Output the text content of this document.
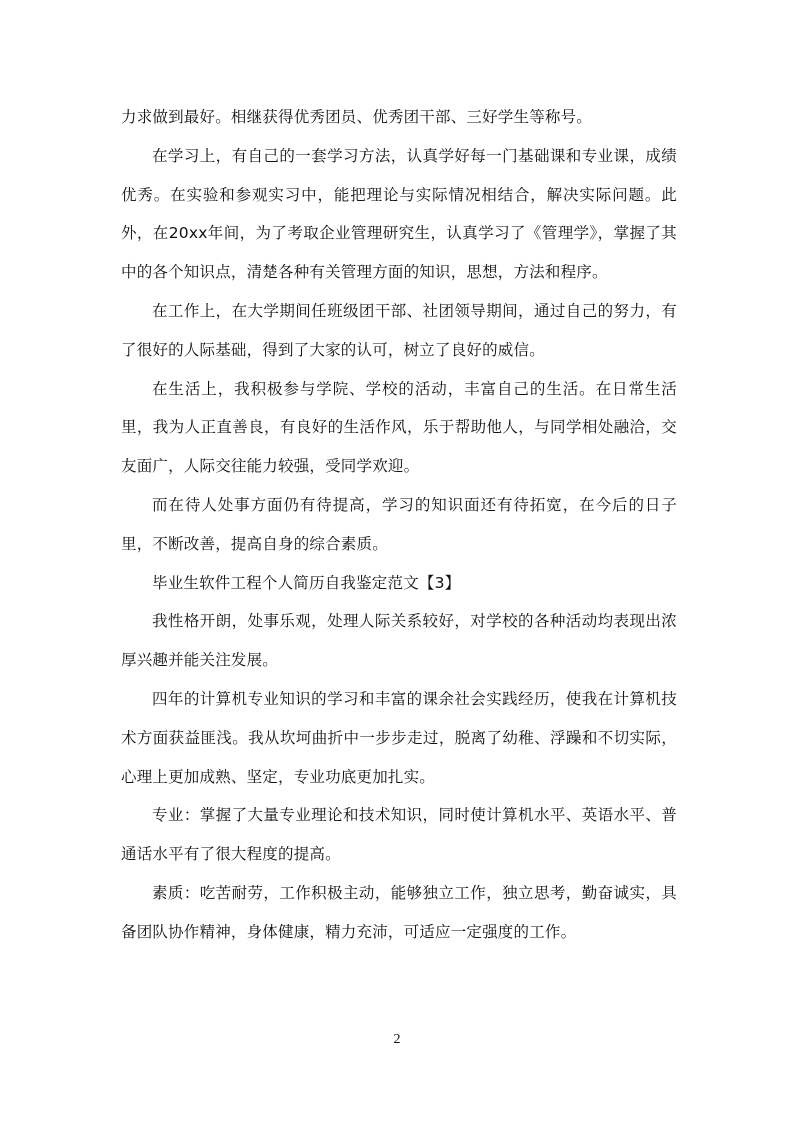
力求做到最好。相继获得优秀团员、优秀团干部、三好学生等称号。

在学习上，有自己的一套学习方法，认真学好每一门基础课和专业课，成绩优秀。在实验和参观实习中，能把理论与实际情况相结合，解决实际问题。此外，在20xx年间，为了考取企业管理研究生，认真学习了《管理学》，掌握了其中的各个知识点，清楚各种有关管理方面的知识，思想，方法和程序。

在工作上，在大学期间任班级团干部、社团领导期间，通过自己的努力，有了很好的人际基础，得到了大家的认可，树立了良好的威信。

在生活上，我积极参与学院、学校的活动，丰富自己的生活。在日常生活里，我为人正直善良，有良好的生活作风，乐于帮助他人，与同学相处融洽，交友面广，人际交往能力较强，受同学欢迎。

而在待人处事方面仍有待提高，学习的知识面还有待拓宽，在今后的日子里，不断改善，提高自身的综合素质。

毕业生软件工程个人简历自我鉴定范文【3】

我性格开朗，处事乐观，处理人际关系较好，对学校的各种活动均表现出浓厚兴趣并能关注发展。

四年的计算机专业知识的学习和丰富的课余社会实践经历，使我在计算机技术方面获益匪浅。我从坎坷曲折中一步步走过，脱离了幼稚、浮躁和不切实际，心理上更加成熟、坚定，专业功底更加扎实。

专业：掌握了大量专业理论和技术知识，同时使计算机水平、英语水平、普通话水平有了很大程度的提高。

素质：吃苦耐劳，工作积极主动，能够独立工作，独立思考，勤奋诚实，具备团队协作精神，身体健康，精力充沛，可适应一定强度的工作。

2
